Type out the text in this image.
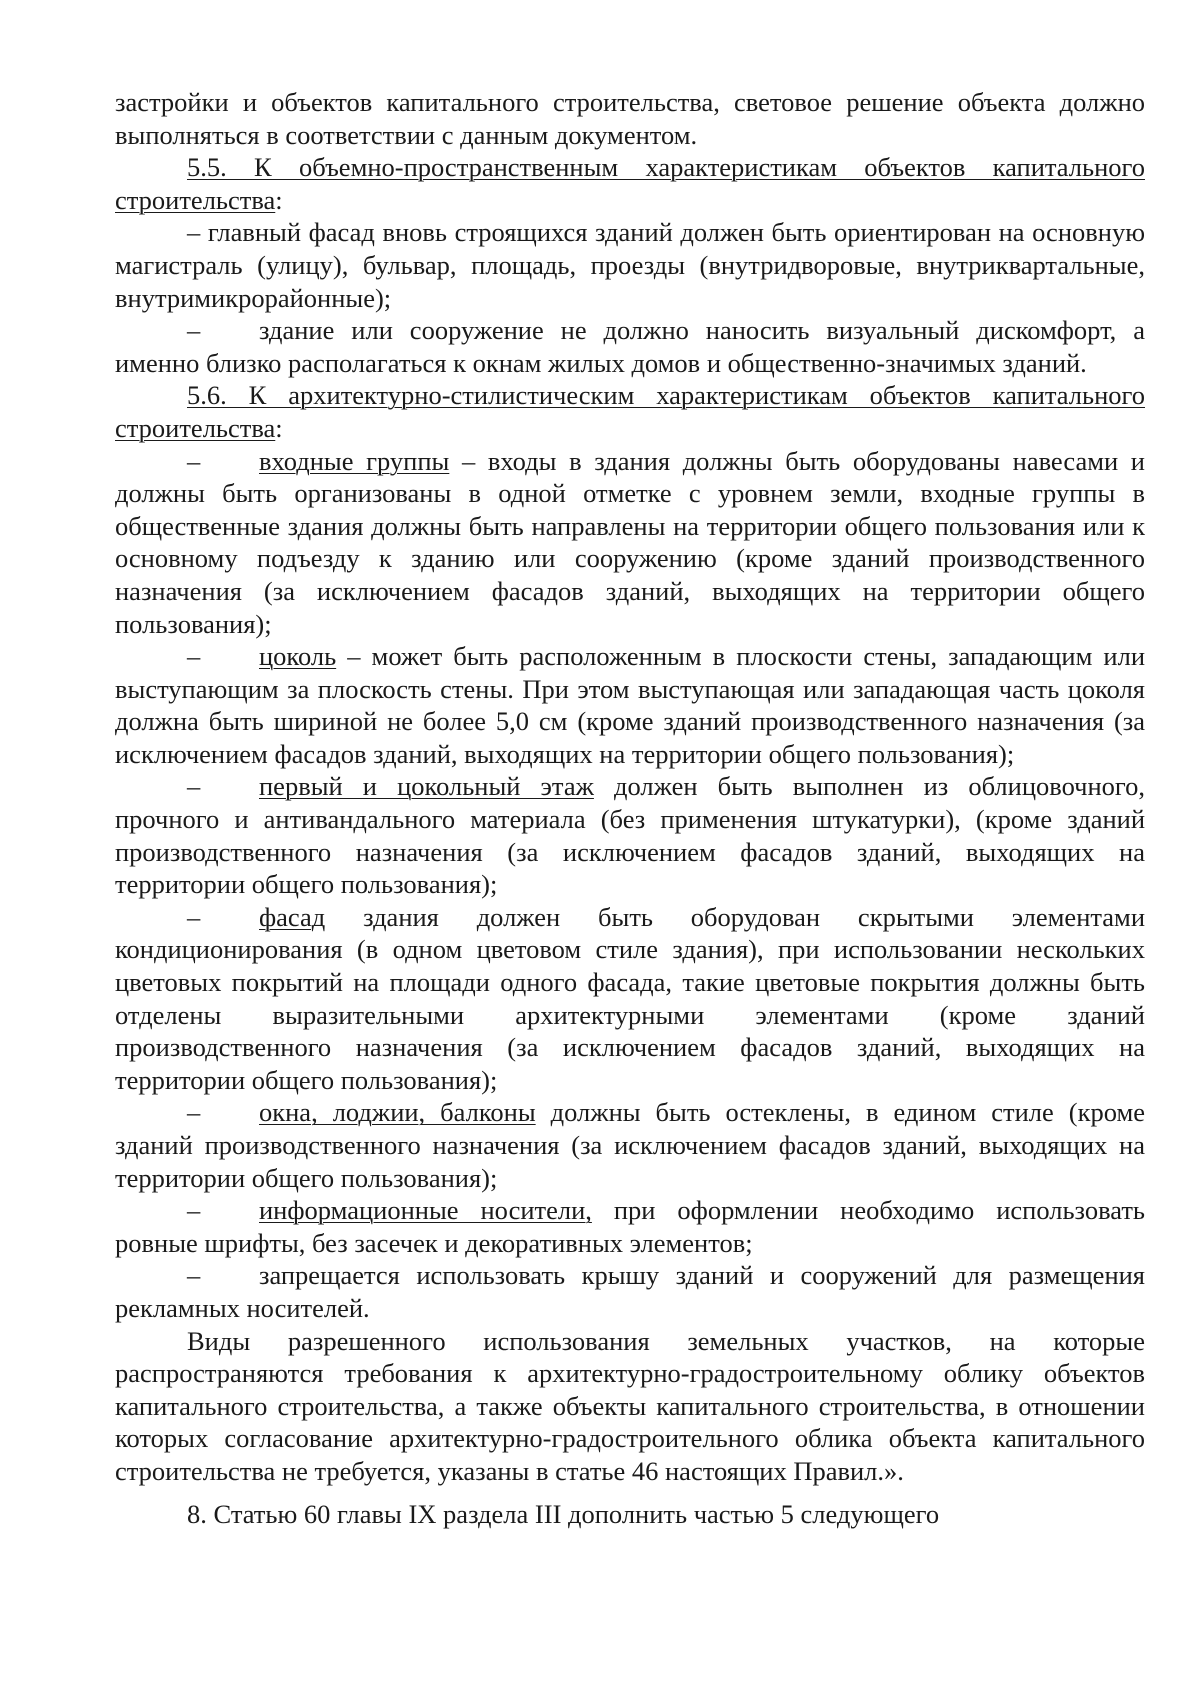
застройки и объектов капитального строительства, световое решение объекта должно выполняться в соответствии с данным документом.

5.5. К объемно-пространственным характеристикам объектов капитального строительства:

– главный фасад вновь строящихся зданий должен быть ориентирован на основную магистраль (улицу), бульвар, площадь, проезды (внутридворовые, внутриквартальные, внутримикрорайонные);

– здание или сооружение не должно наносить визуальный дискомфорт, а именно близко располагаться к окнам жилых домов и общественно-значимых зданий.

5.6. К архитектурно-стилистическим характеристикам объектов капитального строительства:

– входные группы – входы в здания должны быть оборудованы навесами и должны быть организованы в одной отметке с уровнем земли, входные группы в общественные здания должны быть направлены на территории общего пользования или к основному подъезду к зданию или сооружению (кроме зданий производственного назначения (за исключением фасадов зданий, выходящих на территории общего пользования);

– цоколь – может быть расположенным в плоскости стены, западающим или выступающим за плоскость стены. При этом выступающая или западающая часть цоколя должна быть шириной не более 5,0 см (кроме зданий производственного назначения (за исключением фасадов зданий, выходящих на территории общего пользования);

– первый и цокольный этаж должен быть выполнен из облицовочного, прочного и антивандального материала (без применения штукатурки), (кроме зданий производственного назначения (за исключением фасадов зданий, выходящих на территории общего пользования);

– фасад здания должен быть оборудован скрытыми элементами кондиционирования (в одном цветовом стиле здания), при использовании нескольких цветовых покрытий на площади одного фасада, такие цветовые покрытия должны быть отделены выразительными архитектурными элементами (кроме зданий производственного назначения (за исключением фасадов зданий, выходящих на территории общего пользования);

– окна, лоджии, балконы должны быть остеклены, в едином стиле (кроме зданий производственного назначения (за исключением фасадов зданий, выходящих на территории общего пользования);

– информационные носители, при оформлении необходимо использовать ровные шрифты, без засечек и декоративных элементов;

– запрещается использовать крышу зданий и сооружений для размещения рекламных носителей.

Виды разрешенного использования земельных участков, на которые распространяются требования к архитектурно-градостроительному облику объектов капитального строительства, а также объекты капитального строительства, в отношении которых согласование архитектурно-градостроительного облика объекта капитального строительства не требуется, указаны в статье 46 настоящих Правил.».

8. Статью 60 главы IX раздела III дополнить частью 5 следующего
